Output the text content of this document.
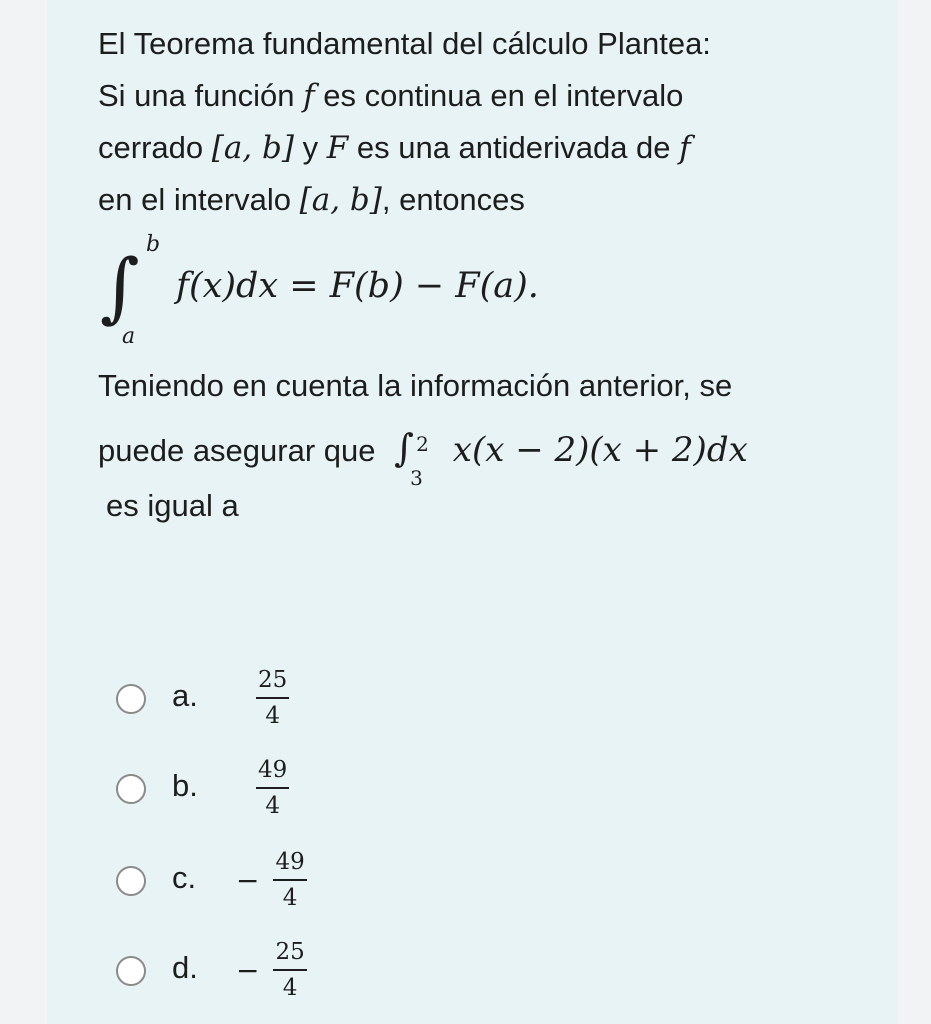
El Teorema fundamental del cálculo Plantea:
Si una función f es continua en el intervalo
cerrado [a, b] y F es una antiderivada de f
en el intervalo [a, b], entonces
∫ b
a
f(x)dx = F(b) − F(a).
Teniendo en cuenta la información anterior, se
puede asegurar que ∫ 2
3
x(x − 2)(x + 2)dx
es igual a
a.	$\frac{25}{4}$
b.	$\frac{49}{4}$
c. − $\frac{49}{4}$
d. − $\frac{25}{4}$
